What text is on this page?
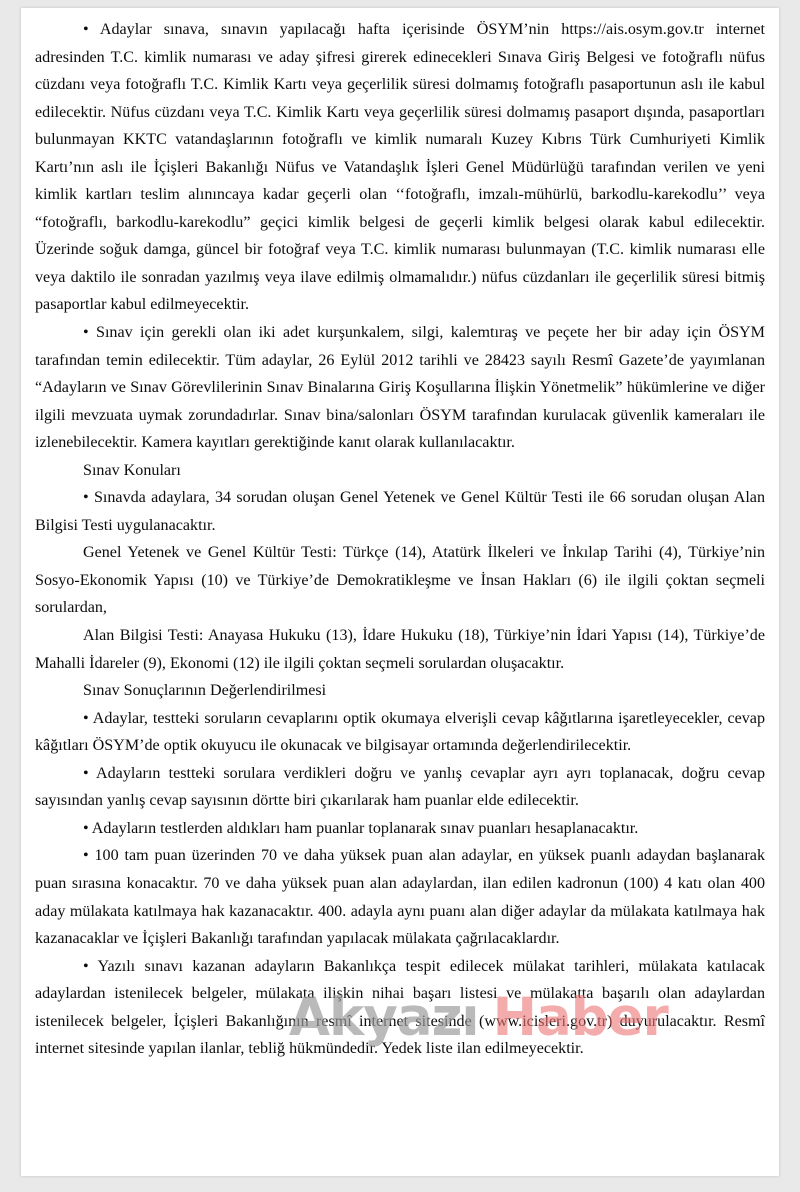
• Adaylar sınava, sınavın yapılacağı hafta içerisinde ÖSYM’nin https://ais.osym.gov.tr internet adresinden T.C. kimlik numarası ve aday şifresi girerek edinecekleri Sınava Giriş Belgesi ve fotoğraflı nüfus cüzdanı veya fotoğraflı T.C. Kimlik Kartı veya geçerlilik süresi dolmamış fotoğraflı pasaportunun aslı ile kabul edilecektir. Nüfus cüzdanı veya T.C. Kimlik Kartı veya geçerlilik süresi dolmamış pasaport dışında, pasaportları bulunmayan KKTC vatandaşlarının fotoğraflı ve kimlik numaralı Kuzey Kıbrıs Türk Cumhuriyeti Kimlik Kartı’nın aslı ile İçişleri Bakanlığı Nüfus ve Vatandaşlık İşleri Genel Müdürlüğü tarafından verilen ve yeni kimlik kartları teslim alınıncaya kadar geçerli olan ‘‘fotoğraflı, imzalı-mühürlü, barkodlu-karekodlu’’ veya “fotoğraflı, barkodlu-karekodlu” geçici kimlik belgesi de geçerli kimlik belgesi olarak kabul edilecektir. Üzerinde soğuk damga, güncel bir fotoğraf veya T.C. kimlik numarası bulunmayan (T.C. kimlik numarası elle veya daktilo ile sonradan yazılmış veya ilave edilmiş olmamalıdır.) nüfus cüzdanları ile geçerlilik süresi bitmiş pasaportlar kabul edilmeyecektir.

• Sınav için gerekli olan iki adet kurşunkalem, silgi, kalemtıraş ve peçete her bir aday için ÖSYM tarafından temin edilecektir. Tüm adaylar, 26 Eylül 2012 tarihli ve 28423 sayılı Resmî Gazete’de yayımlanan “Adayların ve Sınav Görevlilerinin Sınav Binalarına Giriş Koşullarına İlişkin Yönetmelik” hükümlerine ve diğer ilgili mevzuata uymak zorundadırlar. Sınav bina/salonları ÖSYM tarafından kurulacak güvenlik kameraları ile izlenebilecektir. Kamera kayıtları gerektiğinde kanıt olarak kullanılacaktır.

Sınav Konuları

• Sınavda adaylara, 34 sorudan oluşan Genel Yetenek ve Genel Kültür Testi ile 66 sorudan oluşan Alan Bilgisi Testi uygulanacaktır.

Genel Yetenek ve Genel Kültür Testi: Türkçe (14), Atatürk İlkeleri ve İnkılap Tarihi (4), Türkiye’nin Sosyo-Ekonomik Yapısı (10) ve Türkiye’de Demokratikleşme ve İnsan Hakları (6) ile ilgili çoktan seçmeli sorulardan,

Alan Bilgisi Testi: Anayasa Hukuku (13), İdare Hukuku (18), Türkiye’nin İdari Yapısı (14), Türkiye’de Mahalli İdareler (9), Ekonomi (12) ile ilgili çoktan seçmeli sorulardan oluşacaktır.

Sınav Sonuçlarının Değerlendirilmesi

• Adaylar, testteki soruların cevaplarını optik okumaya elverişli cevap kâğıtlarına işaretleyecekler, cevap kâğıtları ÖSYM’de optik okuyucu ile okunacak ve bilgisayar ortamında değerlendirilecektir.

• Adayların testteki sorulara verdikleri doğru ve yanlış cevaplar ayrı ayrı toplanacak, doğru cevap sayısından yanlış cevap sayısının dörtte biri çıkarılarak ham puanlar elde edilecektir.

• Adayların testlerden aldıkları ham puanlar toplanarak sınav puanları hesaplanacaktır.

• 100 tam puan üzerinden 70 ve daha yüksek puan alan adaylar, en yüksek puanlı adaydan başlanarak puan sırasına konacaktır. 70 ve daha yüksek puan alan adaylardan, ilan edilen kadronun (100) 4 katı olan 400 aday mülakata katılmaya hak kazanacaktır. 400. adayla aynı puanı alan diğer adaylar da mülakata katılmaya hak kazanacaklar ve İçişleri Bakanlığı tarafından yapılacak mülakata çağrılacaklardır.

• Yazılı sınavı kazanan adayların Bakanlıkça tespit edilecek mülakat tarihleri, mülakata katılacak adaylardan istenilecek belgeler, mülakata ilişkin nihai başarı listesi ve mülakatta başarılı olan adaylardan istenilecek belgeler, İçişleri Bakanlığının resmî internet sitesinde (www.icisleri.gov.tr) duyurulacaktır. Resmî internet sitesinde yapılan ilanlar, tebliğ hükmündedir. Yedek liste ilan edilmeyecektir.

Akyazı Haber
